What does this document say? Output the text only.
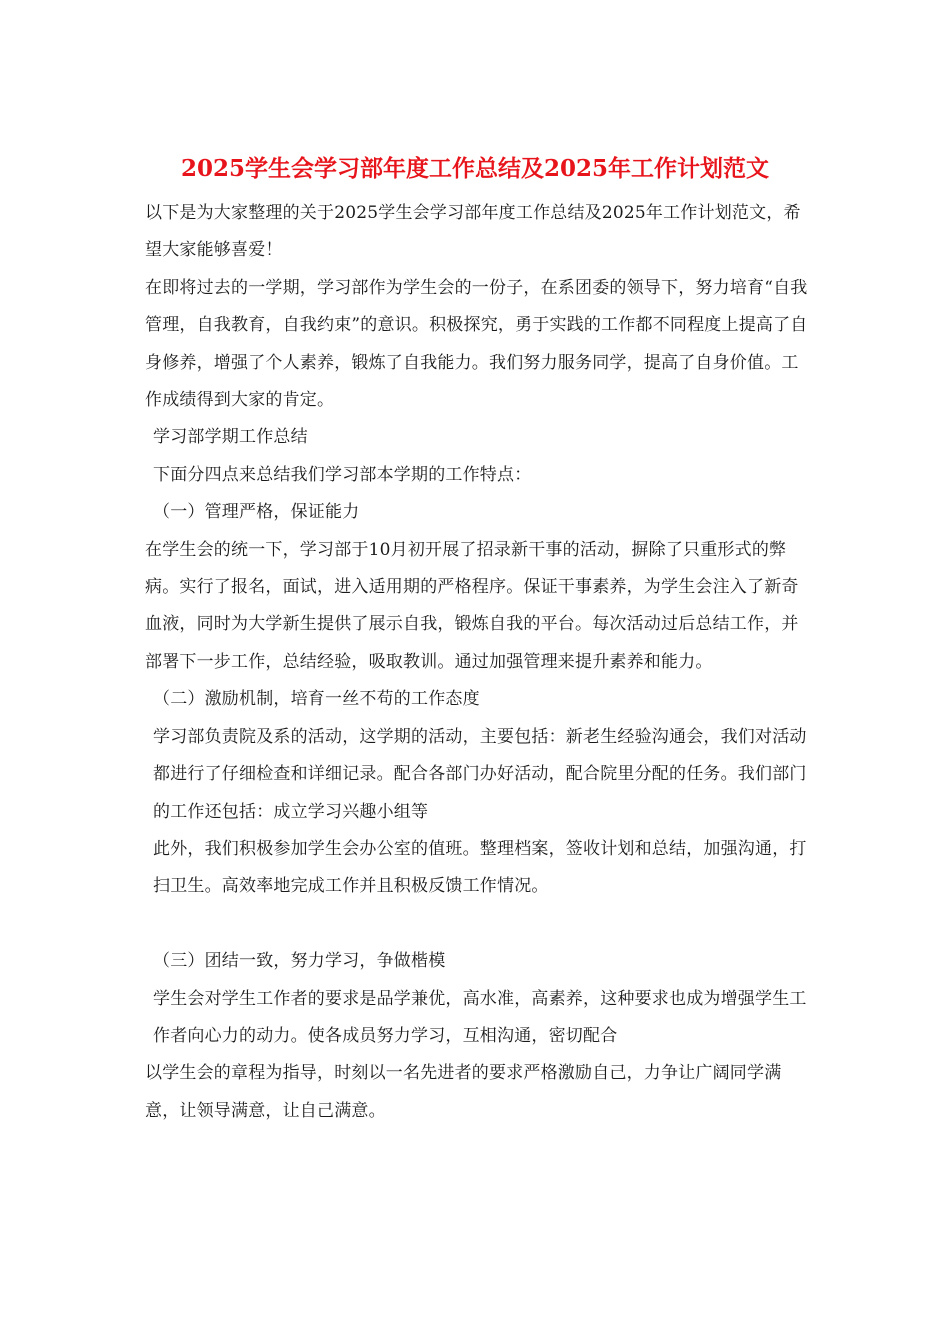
2025学生会学习部年度工作总结及2025年工作计划范文

以下是为大家整理的关于2025学生会学习部年度工作总结及2025年工作计划范文，希望大家能够喜爱！

在即将过去的一学期，学习部作为学生会的一份子，在系团委的领导下，努力培育“自我管理，自我教育，自我约束”的意识。积极探究，勇于实践的工作都不同程度上提高了自身修养，增强了个人素养，锻炼了自我能力。我们努力服务同学，提高了自身价值。工作成绩得到大家的肯定。

学习部学期工作总结

下面分四点来总结我们学习部本学期的工作特点：

（一）管理严格，保证能力

在学生会的统一下，学习部于10月初开展了招录新干事的活动，摒除了只重形式的弊病。实行了报名，面试，进入适用期的严格程序。保证干事素养，为学生会注入了新奇血液，同时为大学新生提供了展示自我，锻炼自我的平台。每次活动过后总结工作，并部署下一步工作，总结经验，吸取教训。通过加强管理来提升素养和能力。

（二）激励机制，培育一丝不苟的工作态度

学习部负责院及系的活动，这学期的活动，主要包括：新老生经验沟通会，我们对活动都进行了仔细检查和详细记录。配合各部门办好活动，配合院里分配的任务。我们部门的工作还包括：成立学习兴趣小组等

此外，我们积极参加学生会办公室的值班。整理档案，签收计划和总结，加强沟通，打扫卫生。高效率地完成工作并且积极反馈工作情况。

（三）团结一致，努力学习，争做楷模

学生会对学生工作者的要求是品学兼优，高水准，高素养，这种要求也成为增强学生工作者向心力的动力。使各成员努力学习，互相沟通，密切配合

以学生会的章程为指导，时刻以一名先进者的要求严格激励自己，力争让广阔同学满意，让领导满意，让自己满意。
